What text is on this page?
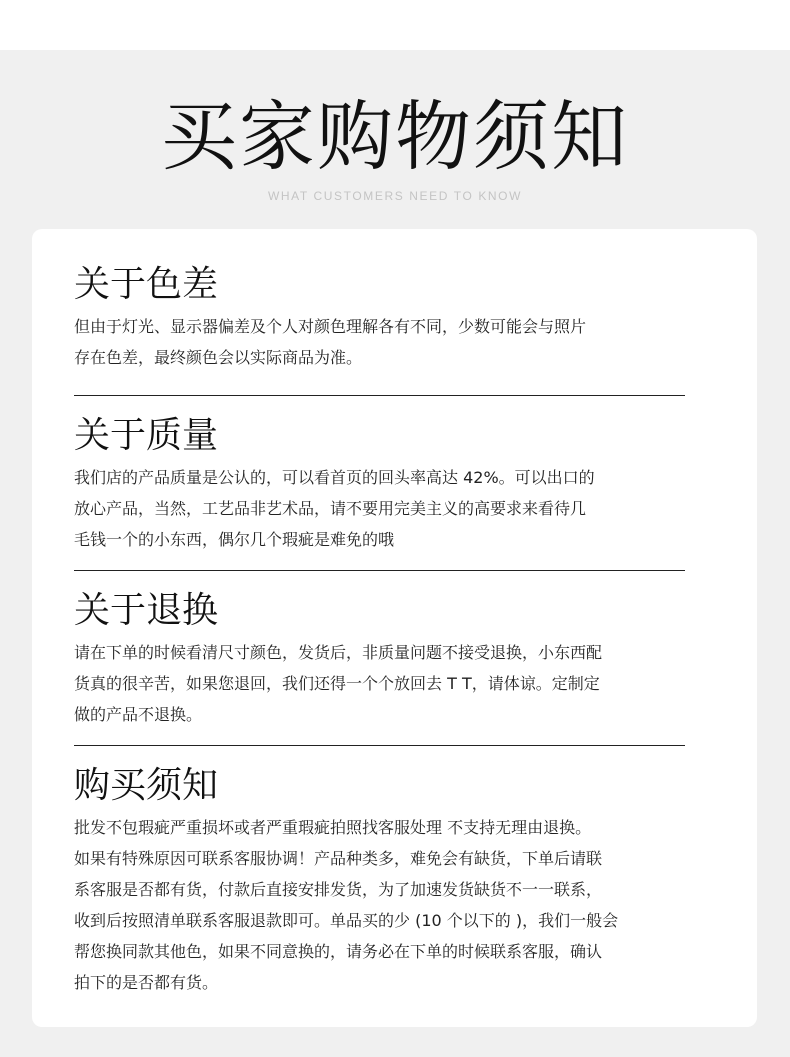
买家购物须知
WHAT CUSTOMERS NEED TO KNOW
关于色差

但由于灯光、显示器偏差及个人对颜色理解各有不同，少数可能会与照片
存在色差，最终颜色会以实际商品为准。

关于质量

我们店的产品质量是公认的，可以看首页的回头率高达 42%。可以出口的
放心产品，当然，工艺品非艺术品，请不要用完美主义的高要求来看待几
毛钱一个的小东西，偶尔几个瑕疵是难免的哦

关于退换

请在下单的时候看清尺寸颜色，发货后，非质量问题不接受退换，小东西配
货真的很辛苦，如果您退回，我们还得一个个放回去 T T，请体谅。定制定
做的产品不退换。

购买须知

批发不包瑕疵严重损坏或者严重瑕疵拍照找客服处理 不支持无理由退换。
如果有特殊原因可联系客服协调！产品种类多，难免会有缺货，下单后请联
系客服是否都有货，付款后直接安排发货，为了加速发货缺货不一一联系，
收到后按照清单联系客服退款即可。单品买的少 (10 个以下的 )，我们一般会
帮您换同款其他色，如果不同意换的，请务必在下单的时候联系客服，确认
拍下的是否都有货。
